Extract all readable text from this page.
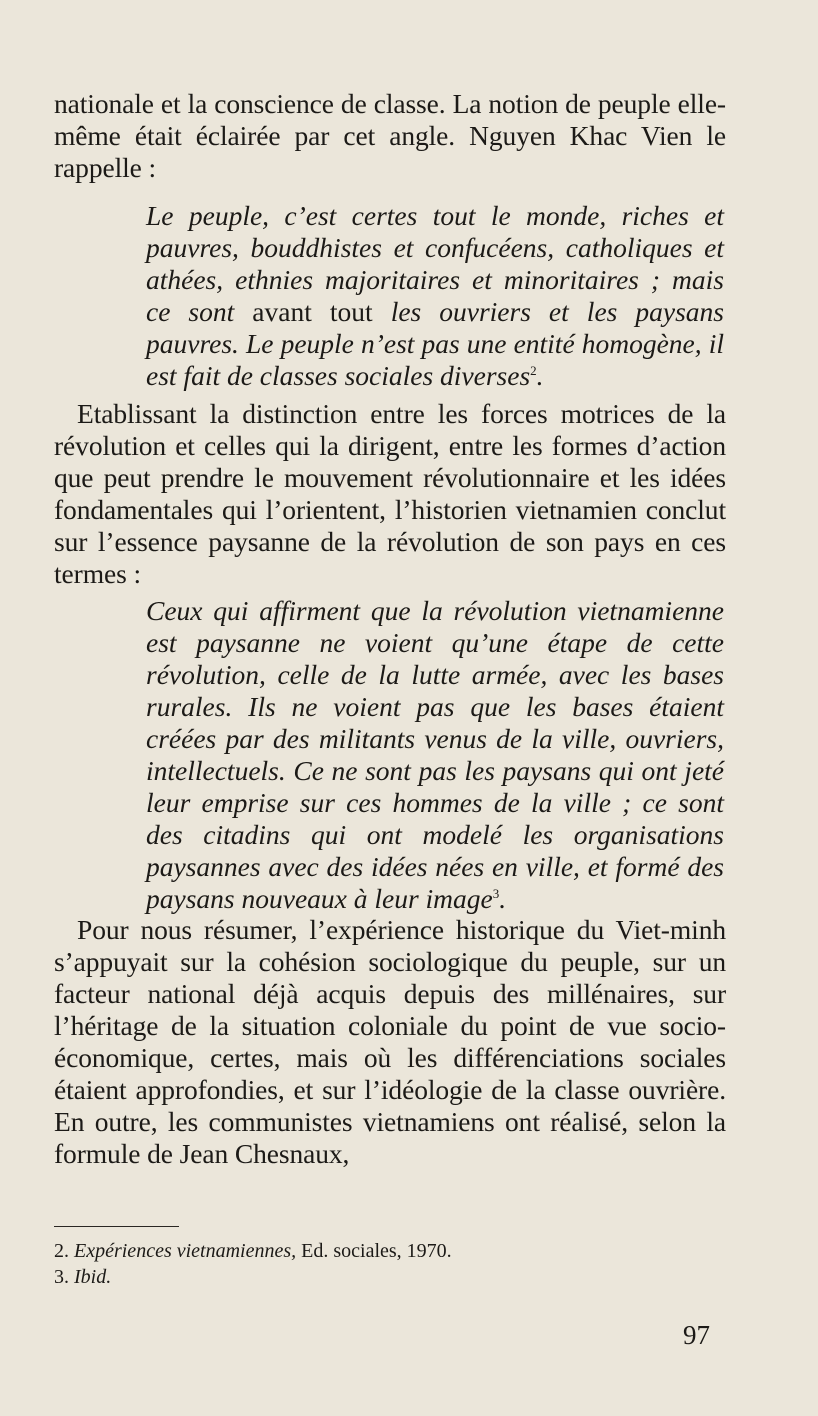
nationale et la conscience de classe. La notion de peuple elle-même était éclairée par cet angle. Nguyen Khac Vien le rappelle :

Le peuple, c’est certes tout le monde, riches et pauvres, bouddhistes et confucéens, catholiques et athées, ethnies majoritaires et minoritaires ; mais ce sont avant tout les ouvriers et les paysans pauvres. Le peuple n’est pas une entité homogène, il est fait de classes sociales diverses$^2$.

Etablissant la distinction entre les forces motrices de la révolution et celles qui la dirigent, entre les formes d’action que peut prendre le mouvement révolutionnaire et les idées fondamentales qui l’orientent, l’historien vietnamien conclut sur l’essence paysanne de la révolution de son pays en ces termes :

Ceux qui affirment que la révolution vietnamienne est paysanne ne voient qu’une étape de cette révolution, celle de la lutte armée, avec les bases rurales. Ils ne voient pas que les bases étaient créées par des militants venus de la ville, ouvriers, intellectuels. Ce ne sont pas les paysans qui ont jeté leur emprise sur ces hommes de la ville ; ce sont des citadins qui ont modelé les organisations paysannes avec des idées nées en ville, et formé des paysans nouveaux à leur image$^3$.

Pour nous résumer, l’expérience historique du Viet-minh s’appuyait sur la cohésion sociologique du peuple, sur un facteur national déjà acquis depuis des millénaires, sur l’héritage de la situation coloniale du point de vue socio-économique, certes, mais où les différenciations sociales étaient approfondies, et sur l’idéologie de la classe ouvrière. En outre, les communistes vietnamiens ont réalisé, selon la formule de Jean Chesnaux,

2. Expériences vietnamiennes, Ed. sociales, 1970.

3. Ibid.

97
